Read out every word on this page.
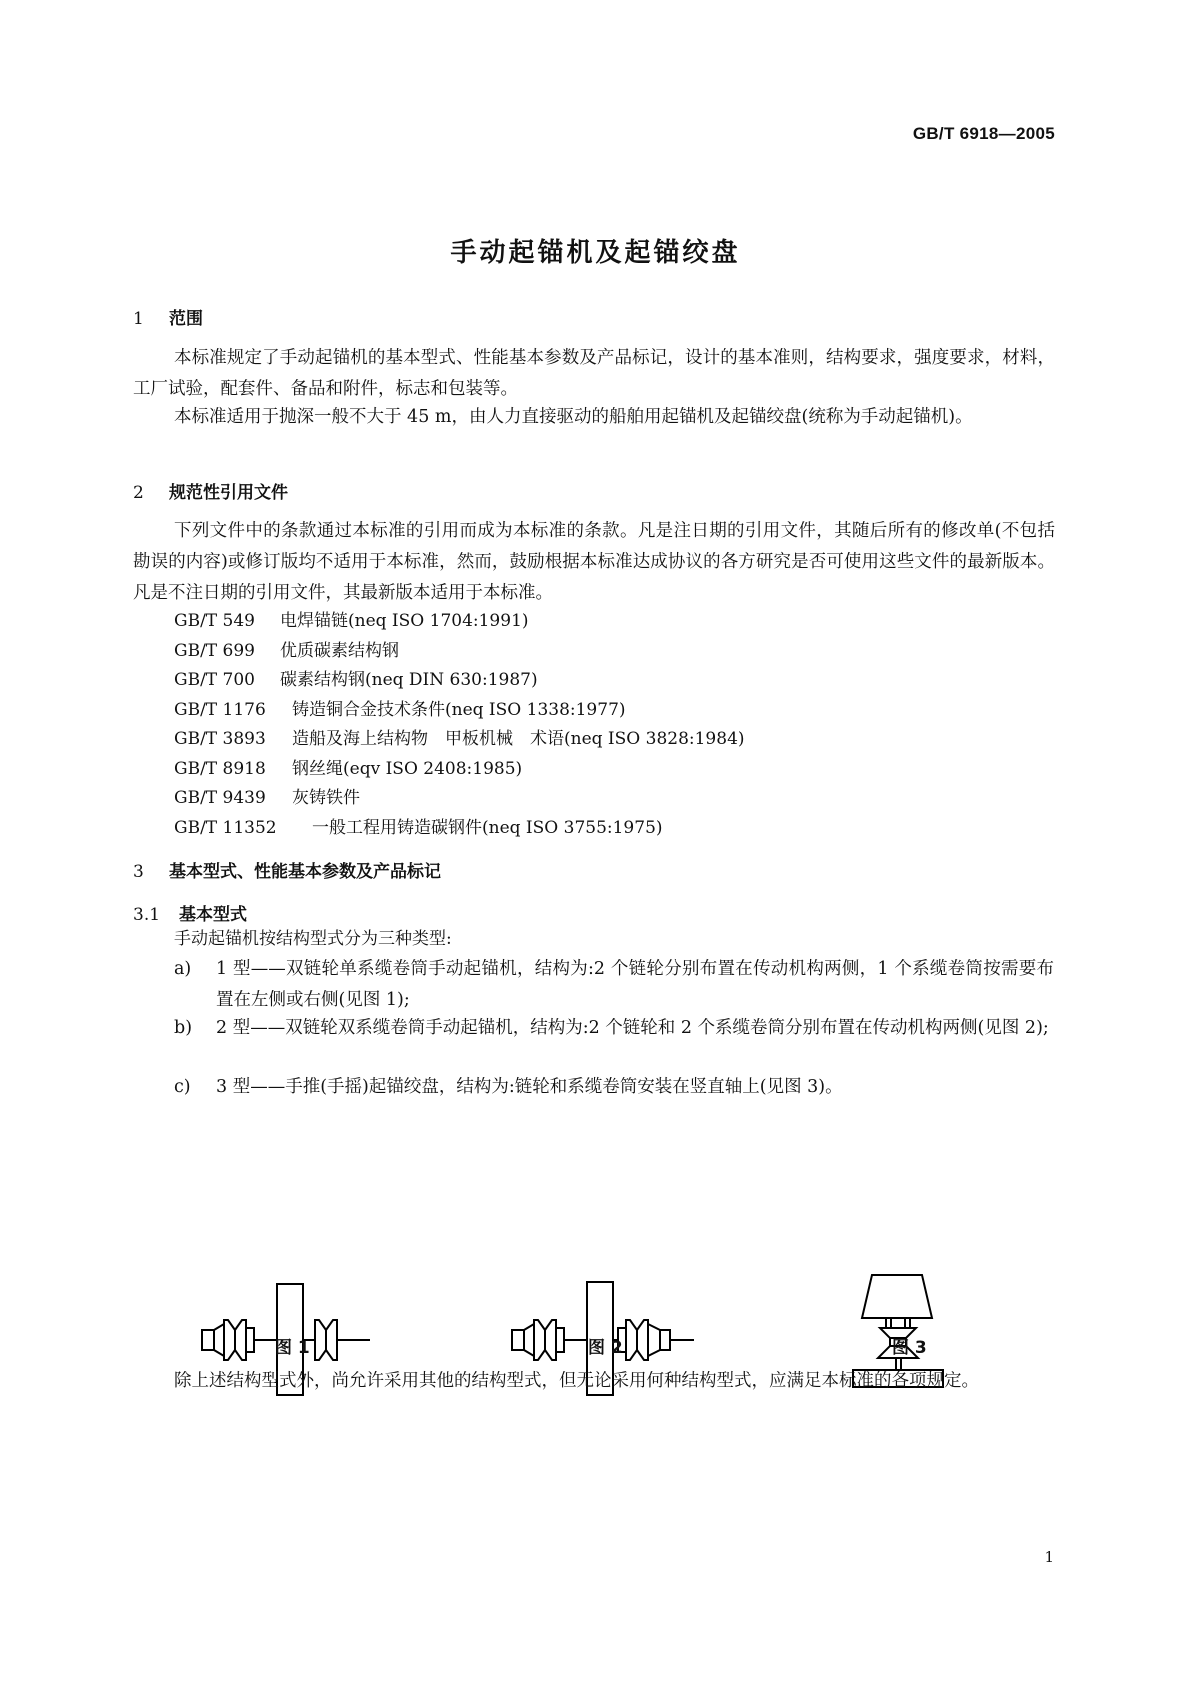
GB/T 6918—2005
手动起锚机及起锚绞盘
1 范围

本标准规定了手动起锚机的基本型式、性能基本参数及产品标记，设计的基本准则，结构要求，强度要求，材料，工厂试验，配套件、备品和附件，标志和包装等。

本标准适用于抛深一般不大于 45 m，由人力直接驱动的船舶用起锚机及起锚绞盘(统称为手动起锚机)。

2 规范性引用文件

下列文件中的条款通过本标准的引用而成为本标准的条款。凡是注日期的引用文件，其随后所有的修改单(不包括勘误的内容)或修订版均不适用于本标准，然而，鼓励根据本标准达成协议的各方研究是否可使用这些文件的最新版本。凡是不注日期的引用文件，其最新版本适用于本标准。

GB/T 549 电焊锚链(neq ISO 1704:1991)
GB/T 699 优质碳素结构钢
GB/T 700 碳素结构钢(neq DIN 630:1987)
GB/T 1176 铸造铜合金技术条件(neq ISO 1338:1977)
GB/T 3893 造船及海上结构物　甲板机械　术语(neq ISO 3828:1984)
GB/T 8918 钢丝绳(eqv ISO 2408:1985)
GB/T 9439 灰铸铁件
GB/T 11352 一般工程用铸造碳钢件(neq ISO 3755:1975)
3 基本型式、性能基本参数及产品标记
3.1 基本型式
手动起锚机按结构型式分为三种类型:
a) 1 型——双链轮单系缆卷筒手动起锚机，结构为:2 个链轮分别布置在传动机构两侧，1 个系缆卷筒按需要布置在左侧或右侧(见图 1);
b) 2 型——双链轮双系缆卷筒手动起锚机，结构为:2 个链轮和 2 个系缆卷筒分别布置在传动机构两侧(见图 2);
c) 3 型——手推(手摇)起锚绞盘，结构为:链轮和系缆卷筒安装在竖直轴上(见图 3)。
图 1	图 2	图 3

除上述结构型式外，尚允许采用其他的结构型式，但无论采用何种结构型式，应满足本标准的各项规定。

1
